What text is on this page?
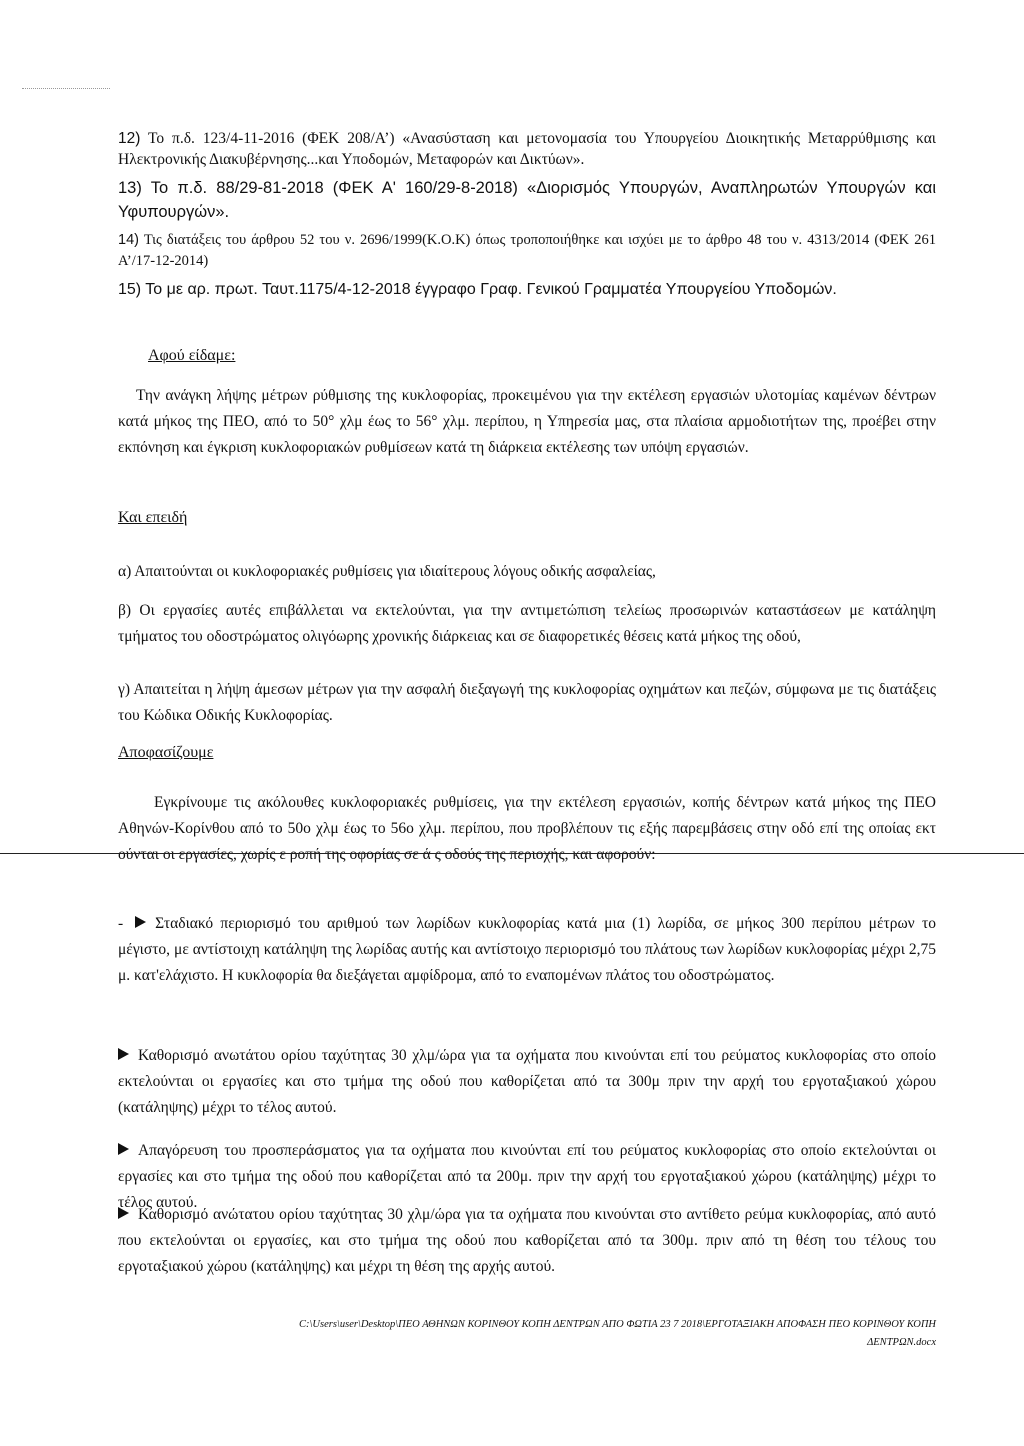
12) Το π.δ. 123/4-11-2016 (ΦΕΚ 208/Α’) «Ανασύσταση και μετονομασία του Υπουργείου Διοικητικής Μεταρρύθμισης και Ηλεκτρονικής Διακυβέρνησης...και Υποδομών, Μεταφορών και Δικτύων».

13) Το π.δ. 88/29-81-2018 (ΦΕΚ Α' 160/29-8-2018) «Διορισμός Υπουργών, Αναπληρωτών Υπουργών και Υφυπουργών».

14) Τις διατάξεις του άρθρου 52 του ν. 2696/1999(Κ.Ο.Κ) όπως τροποποιήθηκε και ισχύει με το άρθρο 48 του ν. 4313/2014 (ΦΕΚ 261 Α’/17-12-2014)

15) Το με αρ. πρωτ. Ταυτ.1175/4-12-2018 έγγραφο Γραφ. Γενικού Γραμματέα Υπουργείου Υποδομών.

Αφού είδαμε:

Την ανάγκη λήψης μέτρων ρύθμισης της κυκλοφορίας, προκειμένου για την εκτέλεση εργασιών υλοτομίας καμένων δέντρων κατά μήκος της ΠΕΟ, από το 50° χλμ έως το 56° χλμ. περίπου, η Υπηρεσία μας, στα πλαίσια αρμοδιοτήτων της, προέβει στην εκπόνηση και έγκριση κυκλοφοριακών ρυθμίσεων κατά τη διάρκεια εκτέλεσης των υπόψη εργασιών.

Και επειδή

α) Απαιτούνται οι κυκλοφοριακές ρυθμίσεις για ιδιαίτερους λόγους οδικής ασφαλείας,

β) Οι εργασίες αυτές επιβάλλεται να εκτελούνται, για την αντιμετώπιση τελείως προσωρινών καταστάσεων με κατάληψη τμήματος του οδοστρώματος ολιγόωρης χρονικής διάρκειας και σε διαφορετικές θέσεις κατά μήκος της οδού,

γ) Απαιτείται η λήψη άμεσων μέτρων για την ασφαλή διεξαγωγή της κυκλοφορίας οχημάτων και πεζών, σύμφωνα με τις διατάξεις του Κώδικα Οδικής Κυκλοφορίας.

Αποφασίζουμε

Εγκρίνουμε τις ακόλουθες κυκλοφοριακές ρυθμίσεις, για την εκτέλεση εργασιών, κοπής δέντρων κατά μήκος της ΠΕΟ Αθηνών-Κορίνθου από το 50ο χλμ έως το 56ο χλμ. περίπου, που προβλέπουν τις εξής παρεμβάσεις στην οδό επί της οποίας εκτ ούνται οι εργασίες, χωρίς ε ροπή της οφορίας σε ά ς οδούς της περιοχής, και αφορούν:

- Σταδιακό περιορισμό του αριθμού των λωρίδων κυκλοφορίας κατά μια (1) λωρίδα, σε μήκος 300 περίπου μέτρων το μέγιστο, με αντίστοιχη κατάληψη της λωρίδας αυτής και αντίστοιχο περιορισμό του πλάτους των λωρίδων κυκλοφορίας μέχρι 2,75 μ. κατ'ελάχιστο. Η κυκλοφορία θα διεξάγεται αμφίδρομα, από το εναπομένων πλάτος του οδοστρώματος.

Καθορισμό ανωτάτου ορίου ταχύτητας 30 χλμ/ώρα για τα οχήματα που κινούνται επί του ρεύματος κυκλοφορίας στο οποίο εκτελούνται οι εργασίες και στο τμήμα της οδού που καθορίζεται από τα 300μ πριν την αρχή του εργοταξιακού χώρου (κατάληψης) μέχρι το τέλος αυτού.

Απαγόρευση του προσπεράσματος για τα οχήματα που κινούνται επί του ρεύματος κυκλοφορίας στο οποίο εκτελούνται οι εργασίες και στο τμήμα της οδού που καθορίζεται από τα 200μ. πριν την αρχή του εργοταξιακού χώρου (κατάληψης) μέχρι το τέλος αυτού.

Καθορισμό ανώτατου ορίου ταχύτητας 30 χλμ/ώρα για τα οχήματα που κινούνται στο αντίθετο ρεύμα κυκλοφορίας, από αυτό που εκτελούνται οι εργασίες, και στο τμήμα της οδού που καθορίζεται από τα 300μ. πριν από τη θέση του τέλους του εργοταξιακού χώρου (κατάληψης) και μέχρι τη θέση της αρχής αυτού.

C:\Users\user\Desktop\ΠΕΟ ΑΘΗΝΩΝ ΚΟΡΙΝΘΟΥ ΚΟΠΗ ΔΕΝΤΡΩΝ ΑΠΟ ΦΩΤΙΑ 23 7 2018\ΕΡΓΟΤΑΞΙΑΚΗ ΑΠΟΦΑΣΗ ΠΕΟ ΚΟΡΙΝΘΟΥ ΚΟΠΗ
ΔΕΝΤΡΩΝ.docx
